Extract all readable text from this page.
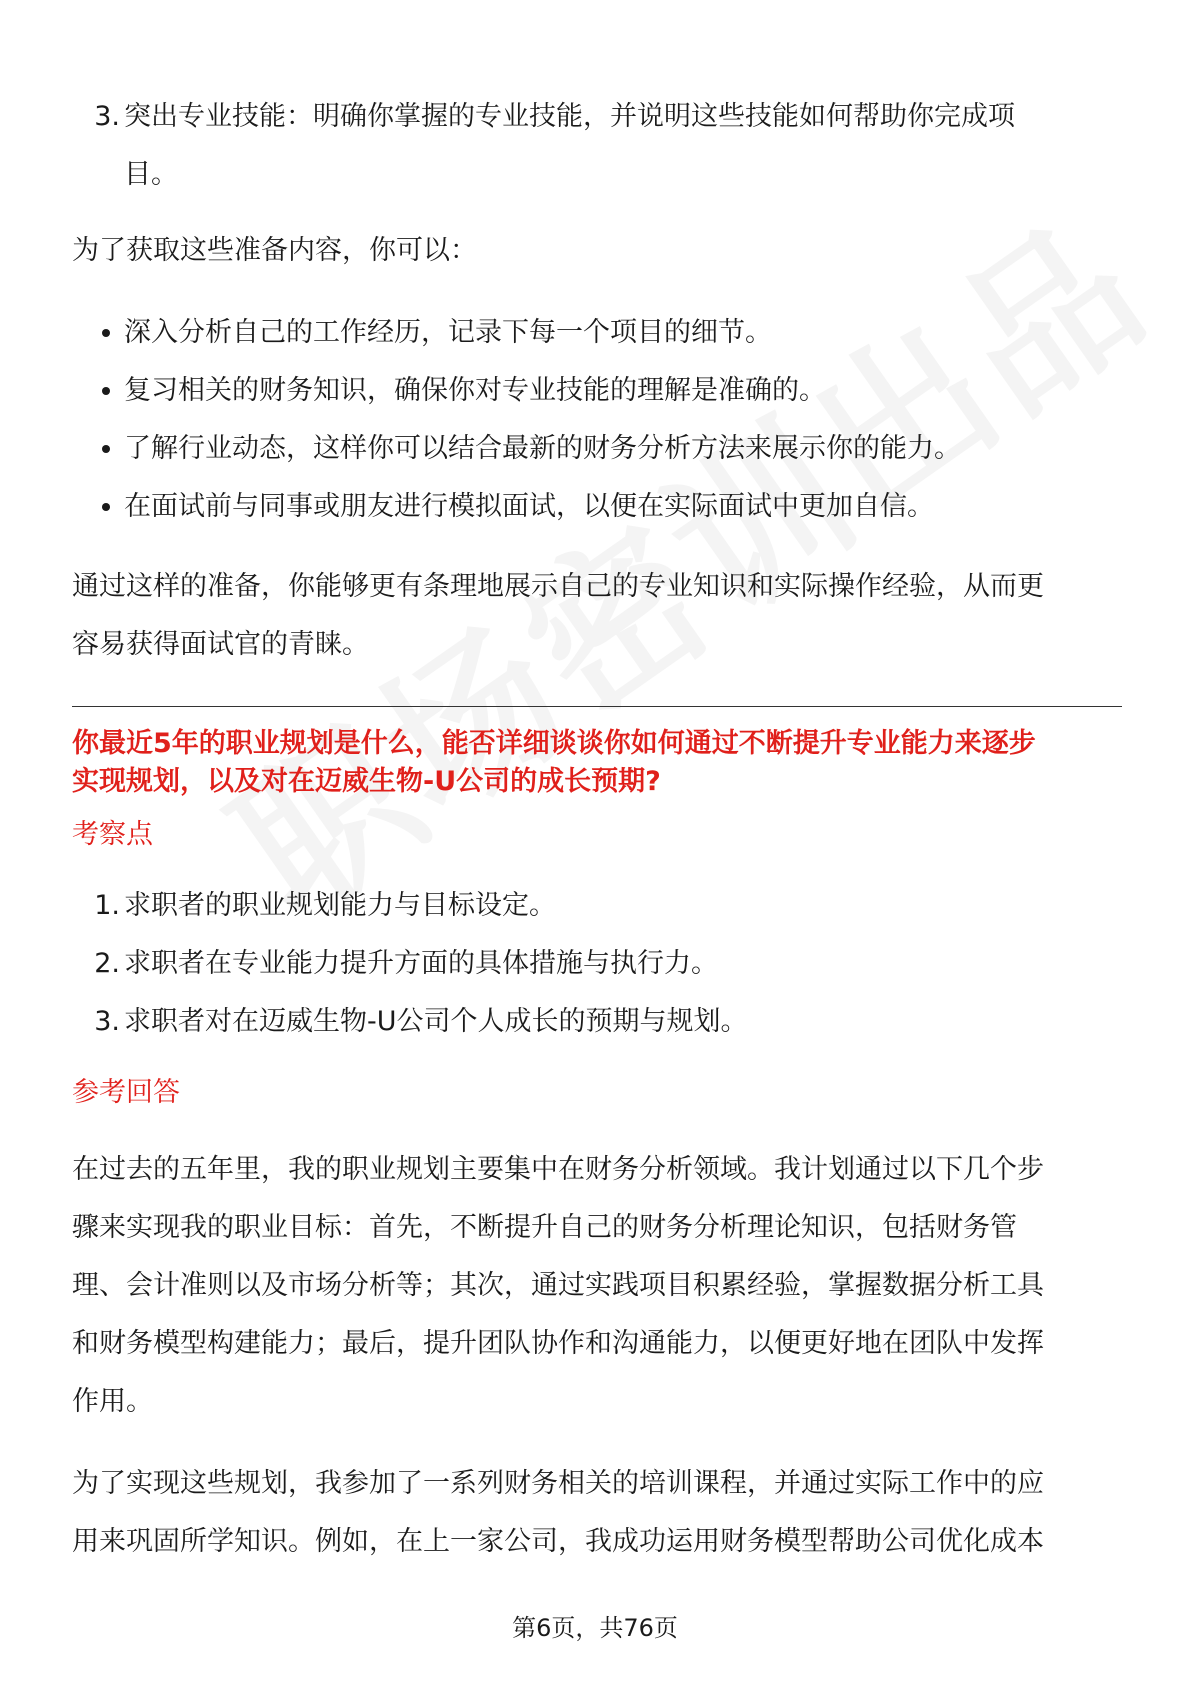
3. 突出专业技能：明确你掌握的专业技能，并说明这些技能如何帮助你完成项
目。

为了获取这些准备内容，你可以：

深入分析自己的工作经历，记录下每一个项目的细节。
复习相关的财务知识，确保你对专业技能的理解是准确的。
了解行业动态，这样你可以结合最新的财务分析方法来展示你的能力。
在面试前与同事或朋友进行模拟面试，以便在实际面试中更加自信。

通过这样的准备，你能够更有条理地展示自己的专业知识和实际操作经验，从而更
容易获得面试官的青睐。

你最近5年的职业规划是什么，能否详细谈谈你如何通过不断提升专业能力来逐步
实现规划，以及对在迈威生物-U公司的成长预期?

考察点

1. 求职者的职业规划能力与目标设定。
2. 求职者在专业能力提升方面的具体措施与执行力。
3. 求职者对在迈威生物-U公司个人成长的预期与规划。

参考回答

在过去的五年里，我的职业规划主要集中在财务分析领域。我计划通过以下几个步
骤来实现我的职业目标：首先，不断提升自己的财务分析理论知识，包括财务管
理、会计准则以及市场分析等；其次，通过实践项目积累经验，掌握数据分析工具
和财务模型构建能力；最后，提升团队协作和沟通能力，以便更好地在团队中发挥
作用。

为了实现这些规划，我参加了一系列财务相关的培训课程，并通过实际工作中的应
用来巩固所学知识。例如，在上一家公司，我成功运用财务模型帮助公司优化成本

第6页，共76页
